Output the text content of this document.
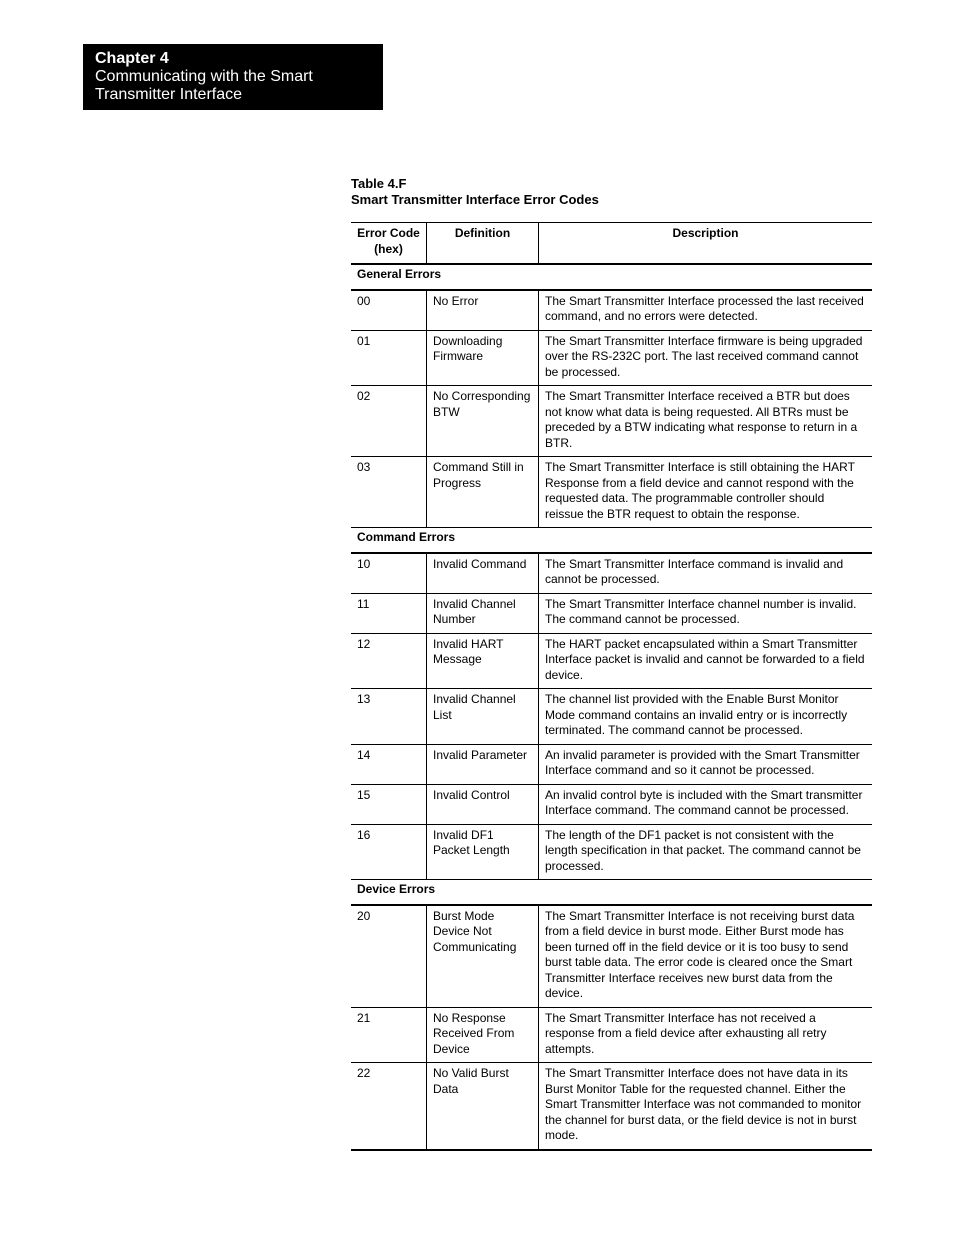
Chapter 4
Communicating with the Smart
Transmitter Interface
Table 4.F
Smart Transmitter Interface Error Codes
Error Code
(hex)	Definition	Description
General Errors		
00	No Error	The Smart Transmitter Interface processed the last received command, and no errors were detected.
01	Downloading Firmware	The Smart Transmitter Interface firmware is being upgraded over the RS-232C port. The last received command cannot be processed.
02	No Corresponding BTW	The Smart Transmitter Interface received a BTR but does not know what data is being requested. All BTRs must be preceded by a BTW indicating what response to return in a BTR.
03	Command Still in Progress	The Smart Transmitter Interface is still obtaining the HART Response from a field device and cannot respond with the requested data. The programmable controller should reissue the BTR request to obtain the response.
Command Errors		
10	Invalid Command	The Smart Transmitter Interface command is invalid and cannot be processed.
11	Invalid Channel Number	The Smart Transmitter Interface channel number is invalid. The command cannot be processed.
12	Invalid HART Message	The HART packet encapsulated within a Smart Transmitter Interface packet is invalid and cannot be forwarded to a field device.
13	Invalid Channel List	The channel list provided with the Enable Burst Monitor Mode command contains an invalid entry or is incorrectly terminated. The command cannot be processed.
14	Invalid Parameter	An invalid parameter is provided with the Smart Transmitter Interface command and so it cannot be processed.
15	Invalid Control	An invalid control byte is included with the Smart transmitter Interface command. The command cannot be processed.
16	Invalid DF1 Packet Length	The length of the DF1 packet is not consistent with the length specification in that packet. The command cannot be processed.
Device Errors		
20	Burst Mode Device Not Communicating	The Smart Transmitter Interface is not receiving burst data from a field device in burst mode. Either Burst mode has been turned off in the field device or it is too busy to send burst table data. The error code is cleared once the Smart Transmitter Interface receives new burst data from the device.
21	No Response Received From Device	The Smart Transmitter Interface has not received a response from a field device after exhausting all retry attempts.
22	No Valid Burst Data	The Smart Transmitter Interface does not have data in its Burst Monitor Table for the requested channel. Either the Smart Transmitter Interface was not commanded to monitor the channel for burst data, or the field device is not in burst mode.
